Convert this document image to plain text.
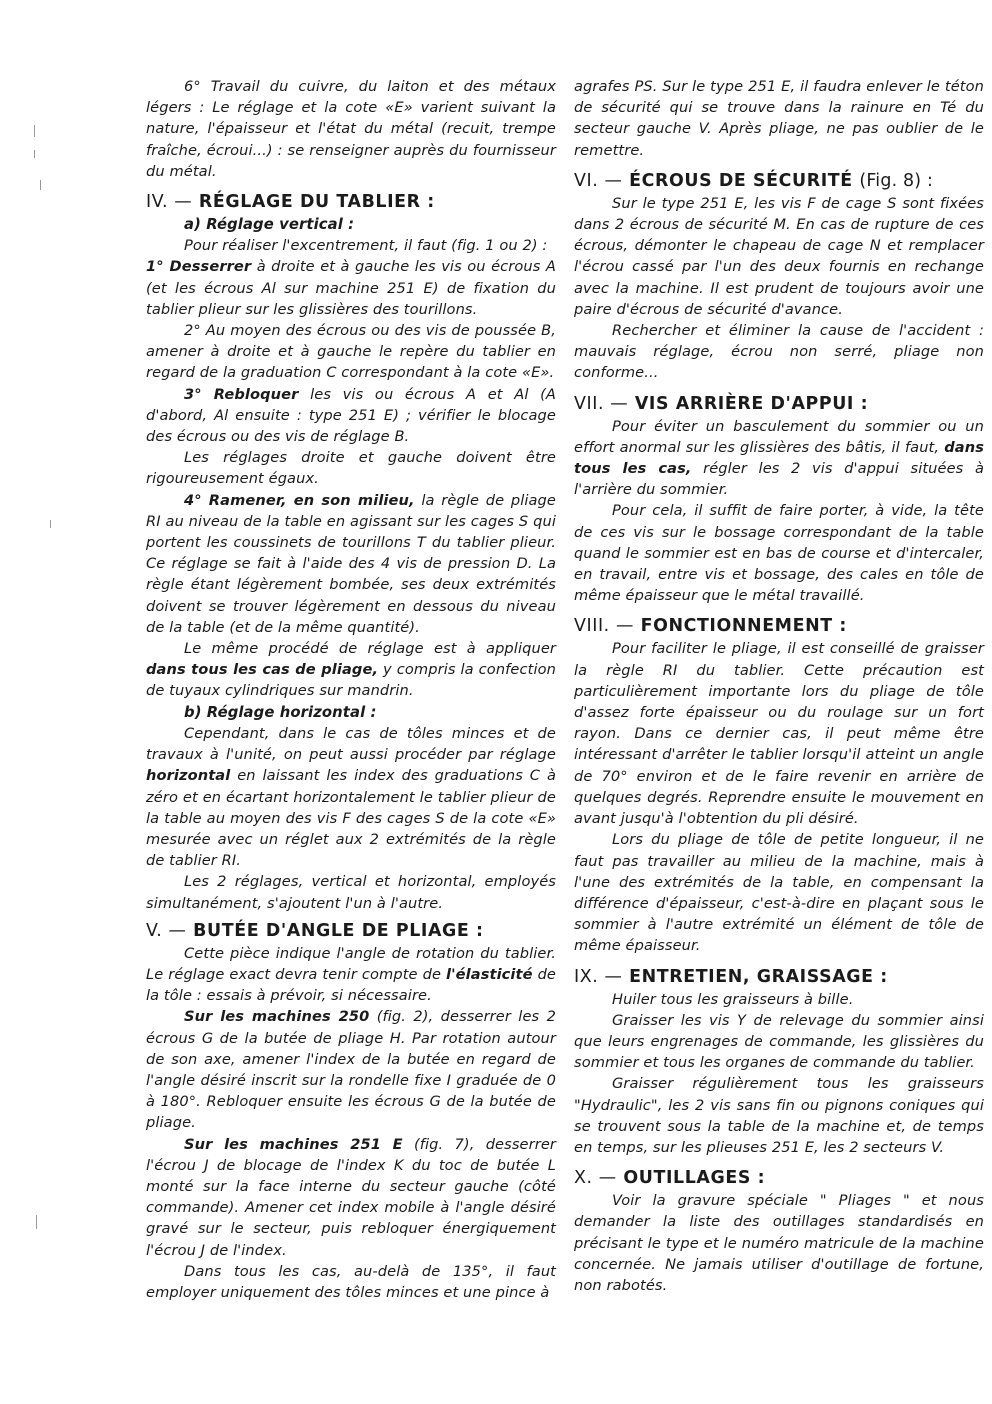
6° Travail du cuivre, du laiton et des métaux légers : Le réglage et la cote «E» varient suivant la nature, l'épaisseur et l'état du métal (recuit, trempe fraîche, écroui...) : se renseigner auprès du fournisseur du métal.

IV. — RÉGLAGE DU TABLIER :
a) Réglage vertical :

Pour réaliser l'excentrement, il faut (fig. 1 ou 2) :

1° Desserrer à droite et à gauche les vis ou écrous A (et les écrous Al sur machine 251 E) de fixation du tablier plieur sur les glissières des tourillons.

2° Au moyen des écrous ou des vis de poussée B, amener à droite et à gauche le repère du tablier en regard de la graduation C correspondant à la cote «E».

3° Rebloquer les vis ou écrous A et Al (A d'abord, Al ensuite : type 251 E) ; vérifier le blocage des écrous ou des vis de réglage B.

Les réglages droite et gauche doivent être rigoureusement égaux.

4° Ramener, en son milieu, la règle de pliage RI au niveau de la table en agissant sur les cages S qui portent les coussinets de tourillons T du tablier plieur. Ce réglage se fait à l'aide des 4 vis de pression D. La règle étant légèrement bombée, ses deux extrémités doivent se trouver légèrement en dessous du niveau de la table (et de la même quantité).

Le même procédé de réglage est à appliquer dans tous les cas de pliage, y compris la confection de tuyaux cylindriques sur mandrin.

b) Réglage horizontal :

Cependant, dans le cas de tôles minces et de travaux à l'unité, on peut aussi procéder par réglage horizontal en laissant les index des graduations C à zéro et en écartant horizontalement le tablier plieur de la table au moyen des vis F des cages S de la cote «E» mesurée avec un réglet aux 2 extrémités de la règle de tablier RI.

Les 2 réglages, vertical et horizontal, employés simultanément, s'ajoutent l'un à l'autre.

V. — BUTÉE D'ANGLE DE PLIAGE :

Cette pièce indique l'angle de rotation du tablier. Le réglage exact devra tenir compte de l'élasticité de la tôle : essais à prévoir, si nécessaire.

Sur les machines 250 (fig. 2), desserrer les 2 écrous G de la butée de pliage H. Par rotation autour de son axe, amener l'index de la butée en regard de l'angle désiré inscrit sur la rondelle fixe I graduée de 0 à 180°. Rebloquer ensuite les écrous G de la butée de pliage.

Sur les machines 251 E (fig. 7), desserrer l'écrou J de blocage de l'index K du toc de butée L monté sur la face interne du secteur gauche (côté commande). Amener cet index mobile à l'angle désiré gravé sur le secteur, puis rebloquer énergiquement l'écrou J de l'index.

Dans tous les cas, au-delà de 135°, il faut employer uniquement des tôles minces et une pince à

agrafes PS. Sur le type 251 E, il faudra enlever le téton de sécurité qui se trouve dans la rainure en Té du secteur gauche V. Après pliage, ne pas oublier de le remettre.

VI. — ÉCROUS DE SÉCURITÉ (Fig. 8) :

Sur le type 251 E, les vis F de cage S sont fixées dans 2 écrous de sécurité M. En cas de rupture de ces écrous, démonter le chapeau de cage N et remplacer l'écrou cassé par l'un des deux fournis en rechange avec la machine. Il est prudent de toujours avoir une paire d'écrous de sécurité d'avance.

Rechercher et éliminer la cause de l'accident : mauvais réglage, écrou non serré, pliage non conforme...

VII. — VIS ARRIÈRE D'APPUI :

Pour éviter un basculement du sommier ou un effort anormal sur les glissières des bâtis, il faut, dans tous les cas, régler les 2 vis d'appui situées à l'arrière du sommier.

Pour cela, il suffit de faire porter, à vide, la tête de ces vis sur le bossage correspondant de la table quand le sommier est en bas de course et d'intercaler, en travail, entre vis et bossage, des cales en tôle de même épaisseur que le métal travaillé.

VIII. — FONCTIONNEMENT :

Pour faciliter le pliage, il est conseillé de graisser la règle RI du tablier. Cette précaution est particulièrement importante lors du pliage de tôle d'assez forte épaisseur ou du roulage sur un fort rayon. Dans ce dernier cas, il peut même être intéressant d'arrêter le tablier lorsqu'il atteint un angle de 70° environ et de le faire revenir en arrière de quelques degrés. Reprendre ensuite le mouvement en avant jusqu'à l'obtention du pli désiré.

Lors du pliage de tôle de petite longueur, il ne faut pas travailler au milieu de la machine, mais à l'une des extrémités de la table, en compensant la différence d'épaisseur, c'est-à-dire en plaçant sous le sommier à l'autre extrémité un élément de tôle de même épaisseur.

IX. — ENTRETIEN, GRAISSAGE :

Huiler tous les graisseurs à bille.

Graisser les vis Y de relevage du sommier ainsi que leurs engrenages de commande, les glissières du sommier et tous les organes de commande du tablier.

Graisser régulièrement tous les graisseurs "Hydraulic", les 2 vis sans fin ou pignons coniques qui se trouvent sous la table de la machine et, de temps en temps, sur les plieuses 251 E, les 2 secteurs V.

X. — OUTILLAGES :

Voir la gravure spéciale " Pliages " et nous demander la liste des outillages standardisés en précisant le type et le numéro matricule de la machine concernée. Ne jamais utiliser d'outillage de fortune, non rabotés.
